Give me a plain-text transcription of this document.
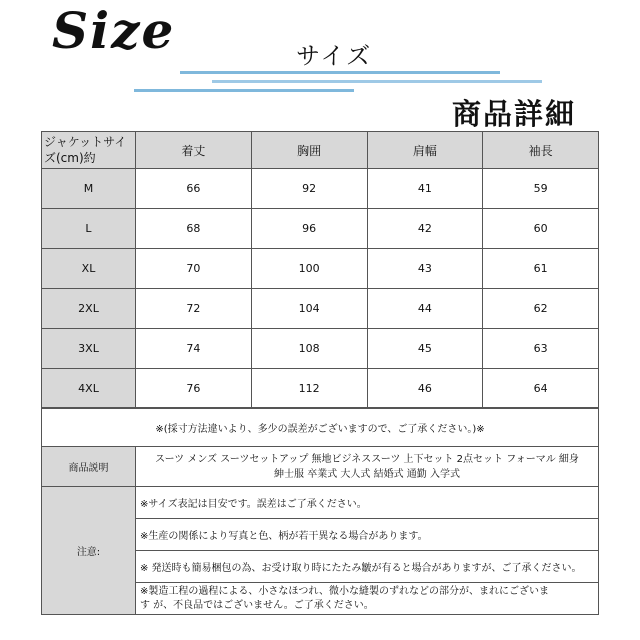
Size	サイズ
商品詳細
ジャケットサイ
ズ(cm)約	着丈	胸囲	肩幅	袖長
M	66	92	41	59
L	68	96	42	60
XL	70	100	43	61
2XL	72	104	44	62
3XL	74	108	45	63
4XL	76	112	46	64
※(採寸方法違いより、多少の誤差がございますので、ご了承ください。)※	
商品説明	スーツ メンズ スーツセットアップ 無地ビジネススーツ 上下セット 2点セット フォーマル 細身
紳士服 卒業式 大人式 結婚式 通勤 入学式
注意:	※サイズ表記は目安です。誤差はご了承ください。
	※生産の関係により写真と色、柄が若干異なる場合があります。
	※ 発送時も簡易梱包の為、お受け取り時にたたみ皺が有ると場合がありますが、ご了承ください。
	※製造工程の過程による、小さなほつれ、微小な縫製のずれなどの部分が、まれにございま
す が、不良品ではございません。ご了承ください。
